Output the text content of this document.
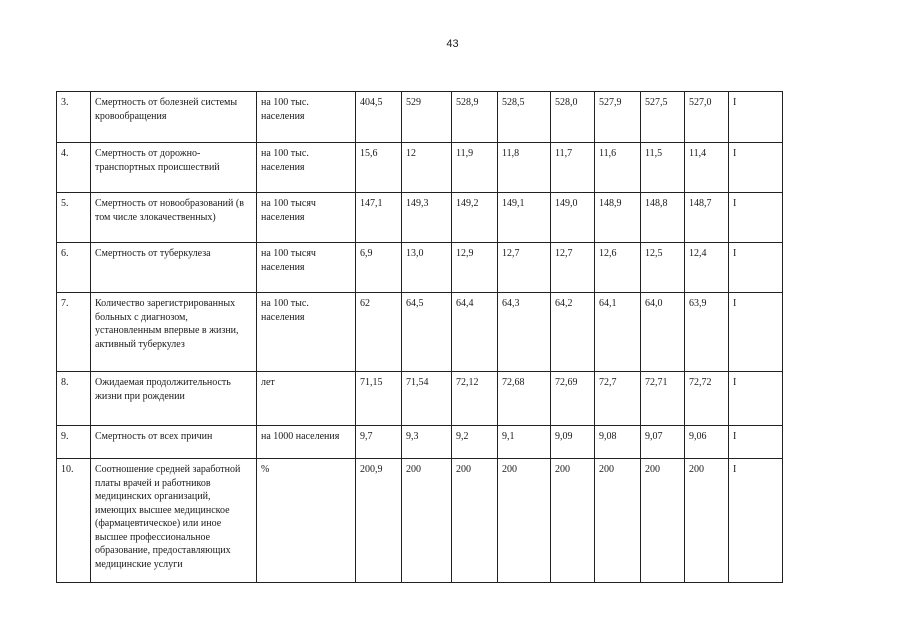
43
3.	Смертность от болезней системы кровообращения	на 100 тыс. населения	404,5	529	528,9	528,5	528,0	527,9	527,5	527,0	I
4.	Смертность от дорожно-транспортных происшествий	на 100 тыс. населения	15,6	12	11,9	11,8	11,7	11,6	11,5	11,4	I
5.	Смертность от новообразований (в том числе злокачественных)	на 100 тысяч населения	147,1	149,3	149,2	149,1	149,0	148,9	148,8	148,7	I
6.	Смертность от туберкулеза	на 100 тысяч населения	6,9	13,0	12,9	12,7	12,7	12,6	12,5	12,4	I
7.	Количество зарегистрированных больных с диагнозом, установленным впервые в жизни, активный туберкулез	на 100 тыс. населения	62	64,5	64,4	64,3	64,2	64,1	64,0	63,9	I
8.	Ожидаемая продолжительность жизни при рождении	лет	71,15	71,54	72,12	72,68	72,69	72,7	72,71	72,72	I
9.	Смертность от всех причин	на 1000 населения	9,7	9,3	9,2	9,1	9,09	9,08	9,07	9,06	I
10.	Соотношение средней заработной платы врачей и работников медицинских организаций, имеющих высшее медицинское (фармацевтическое) или иное высшее профессиональное образование, предоставляющих медицинские услуги	%	200,9	200	200	200	200	200	200	200	I
